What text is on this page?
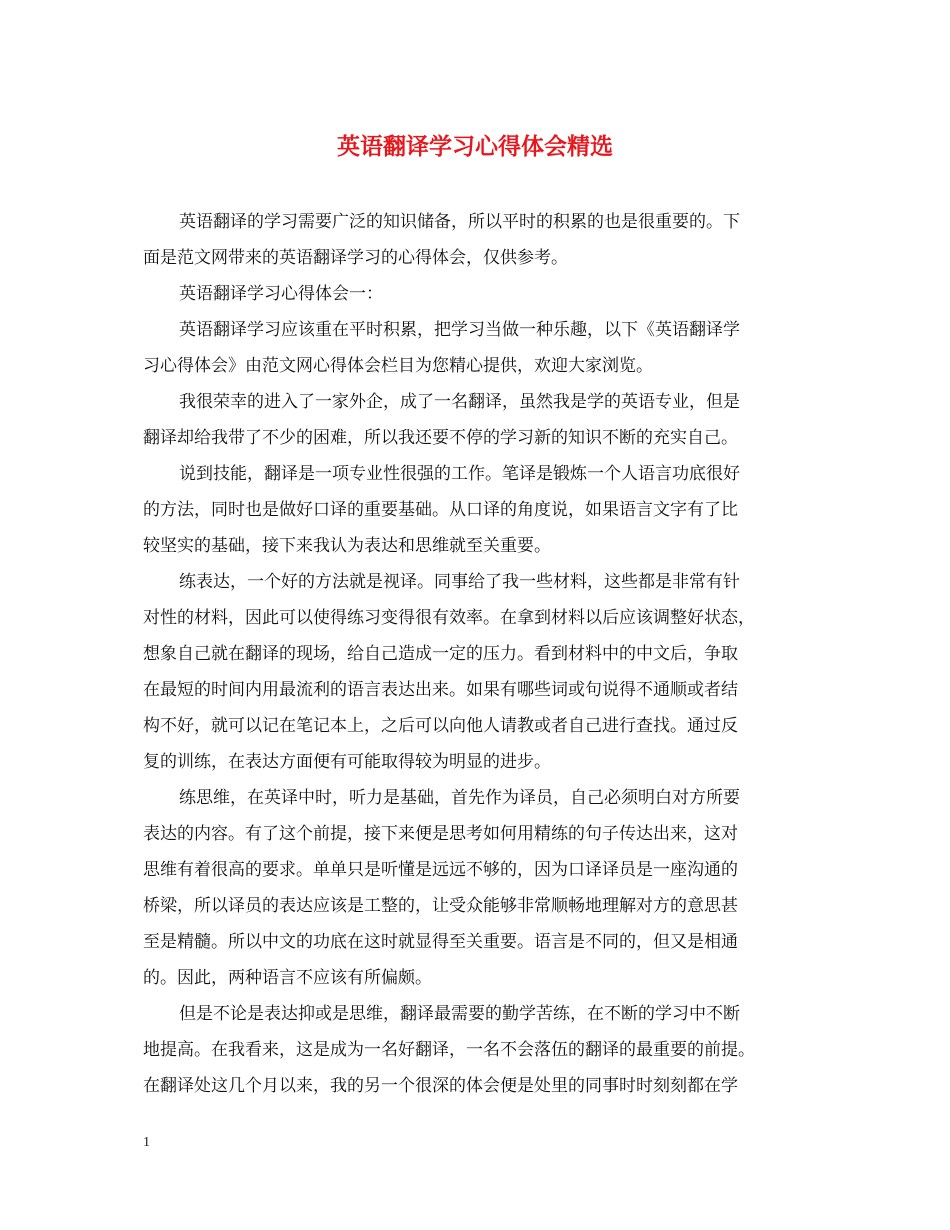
英语翻译学习心得体会精选
英语翻译的学习需要广泛的知识储备，所以平时的积累的也是很重要的。下
面是范文网带来的英语翻译学习的心得体会，仅供参考。
英语翻译学习心得体会一：
英语翻译学习应该重在平时积累，把学习当做一种乐趣，以下《英语翻译学
习心得体会》由范文网心得体会栏目为您精心提供，欢迎大家浏览。
我很荣幸的进入了一家外企，成了一名翻译，虽然我是学的英语专业，但是
翻译却给我带了不少的困难，所以我还要不停的学习新的知识不断的充实自己。
说到技能，翻译是一项专业性很强的工作。笔译是锻炼一个人语言功底很好
的方法，同时也是做好口译的重要基础。从口译的角度说，如果语言文字有了比
较坚实的基础，接下来我认为表达和思维就至关重要。
练表达，一个好的方法就是视译。同事给了我一些材料，这些都是非常有针
对性的材料，因此可以使得练习变得很有效率。在拿到材料以后应该调整好状态，
想象自己就在翻译的现场，给自己造成一定的压力。看到材料中的中文后，争取
在最短的时间内用最流利的语言表达出来。如果有哪些词或句说得不通顺或者结
构不好，就可以记在笔记本上，之后可以向他人请教或者自己进行查找。通过反
复的训练，在表达方面便有可能取得较为明显的进步。
练思维，在英译中时，听力是基础，首先作为译员，自己必须明白对方所要
表达的内容。有了这个前提，接下来便是思考如何用精练的句子传达出来，这对
思维有着很高的要求。单单只是听懂是远远不够的，因为口译译员是一座沟通的
桥梁，所以译员的表达应该是工整的，让受众能够非常顺畅地理解对方的意思甚
至是精髓。所以中文的功底在这时就显得至关重要。语言是不同的，但又是相通
的。因此，两种语言不应该有所偏颇。
但是不论是表达抑或是思维，翻译最需要的勤学苦练，在不断的学习中不断
地提高。在我看来，这是成为一名好翻译，一名不会落伍的翻译的最重要的前提。
在翻译处这几个月以来，我的另一个很深的体会便是处里的同事时时刻刻都在学
1
